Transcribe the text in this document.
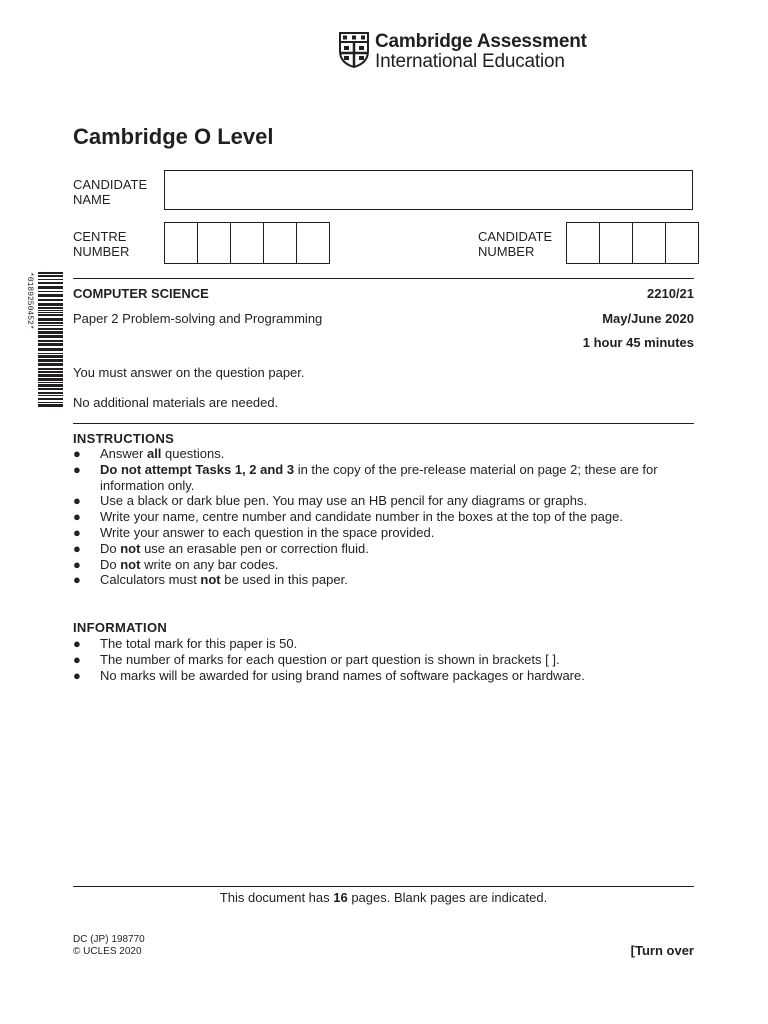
Cambridge Assessment
International Education
Cambridge O Level
CANDIDATE
NAME
CENTRE
NUMBER
CANDIDATE
NUMBER
*0189250452*	COMPUTER SCIENCE	2210/21
Paper 2 Problem-solving and Programming	May/June 2020
1 hour 45 minutes
You must answer on the question paper.
No additional materials are needed.
INSTRUCTIONS
● Answer all questions.
● Do not attempt Tasks 1, 2 and 3 in the copy of the pre-release material on page 2; these are for information only.
● Use a black or dark blue pen. You may use an HB pencil for any diagrams or graphs.
● Write your name, centre number and candidate number in the boxes at the top of the page.
● Write your answer to each question in the space provided.
● Do not use an erasable pen or correction fluid.
● Do not write on any bar codes.
● Calculators must not be used in this paper.
INFORMATION
● The total mark for this paper is 50.
● The number of marks for each question or part question is shown in brackets [ ].
● No marks will be awarded for using brand names of software packages or hardware.
This document has 16 pages. Blank pages are indicated.
DC (JP) 198770
© UCLES 2020	[Turn over
